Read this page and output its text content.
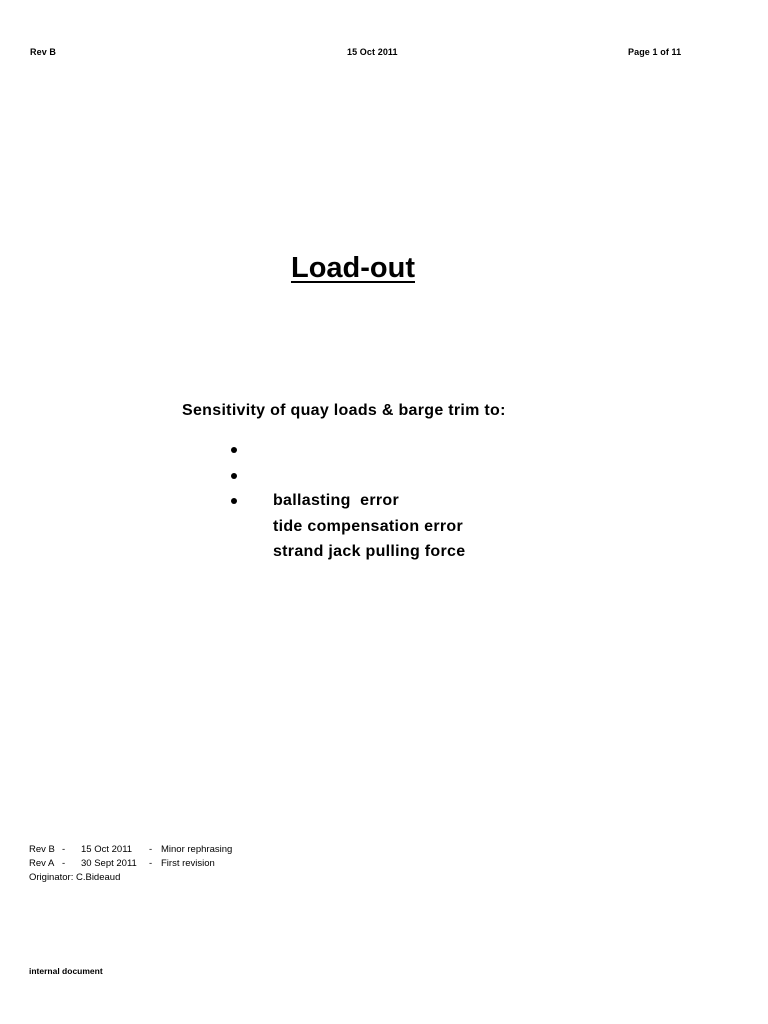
Rev B	15 Oct 2011	Page 1 of 11
Load-out
Sensitivity of quay loads & barge trim to:

ballasting  error

tide compensation error

strand jack pulling force

Rev B - 15 Oct 2011 - Minor rephrasing
Rev A - 30 Sept 2011 - First revision
Originator: C.Bideaud
internal document
